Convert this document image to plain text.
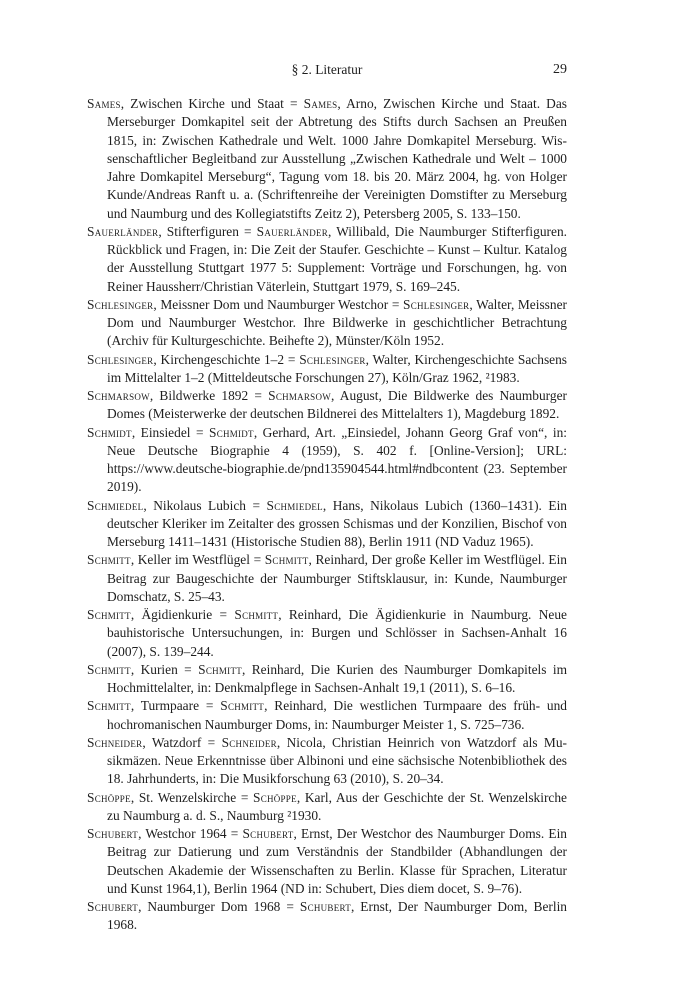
§ 2. Literatur	29

Sames, Zwischen Kirche und Staat = Sames, Arno, Zwischen Kirche und Staat. Das Merseburger Domkapitel seit der Abtretung des Stifts durch Sachsen an Preußen 1815, in: Zwischen Kathedrale und Welt. 1000 Jahre Domkapitel Merseburg. Wissenschaftlicher Begleitband zur Ausstellung „Zwischen Kathedrale und Welt – 1000 Jahre Domkapitel Merseburg“, Tagung vom 18. bis 20. März 2004, hg. von Holger Kunde/Andreas Ranft u. a. (Schriftenreihe der Vereinigten Domstifter zu Merseburg und Naumburg und des Kollegiatstifts Zeitz 2), Petersberg 2005, S. 133–150.

Sauerländer, Stifterfiguren = Sauerländer, Willibald, Die Naumburger Stifterfiguren. Rückblick und Fragen, in: Die Zeit der Staufer. Geschichte – Kunst – Kultur. Katalog der Ausstellung Stuttgart 1977 5: Supplement: Vorträge und Forschungen, hg. von Reiner Haussherr/Christian Väterlein, Stuttgart 1979, S. 169–245.

Schlesinger, Meissner Dom und Naumburger Westchor = Schlesinger, Walter, Meissner Dom und Naumburger Westchor. Ihre Bildwerke in geschichtlicher Betrachtung (Archiv für Kulturgeschichte. Beihefte 2), Münster/Köln 1952.

Schlesinger, Kirchengeschichte 1–2 = Schlesinger, Walter, Kirchengeschichte Sachsens im Mittelalter 1–2 (Mitteldeutsche Forschungen 27), Köln/Graz 1962, ²1983.

Schmarsow, Bildwerke 1892 = Schmarsow, August, Die Bildwerke des Naumburger Domes (Meisterwerke der deutschen Bildnerei des Mittelalters 1), Magdeburg 1892.

Schmidt, Einsiedel = Schmidt, Gerhard, Art. „Einsiedel, Johann Georg Graf von“, in: Neue Deutsche Biographie 4 (1959), S. 402 f. [Online-Version]; URL: https://www.deutsche-biographie.de/pnd135904544.html#ndbcontent (23. September 2019).

Schmiedel, Nikolaus Lubich = Schmiedel, Hans, Nikolaus Lubich (1360–1431). Ein deutscher Kleriker im Zeitalter des grossen Schismas und der Konzilien, Bischof von Merseburg 1411–1431 (Historische Studien 88), Berlin 1911 (ND Vaduz 1965).

Schmitt, Keller im Westflügel = Schmitt, Reinhard, Der große Keller im Westflügel. Ein Beitrag zur Baugeschichte der Naumburger Stiftsklausur, in: Kunde, Naumburger Domschatz, S. 25–43.

Schmitt, Ägidienkurie = Schmitt, Reinhard, Die Ägidienkurie in Naumburg. Neue bauhistorische Untersuchungen, in: Burgen und Schlösser in Sachsen-Anhalt 16 (2007), S. 139–244.

Schmitt, Kurien = Schmitt, Reinhard, Die Kurien des Naumburger Domkapitels im Hochmittelalter, in: Denkmalpflege in Sachsen-Anhalt 19,1 (2011), S. 6–16.

Schmitt, Turmpaare = Schmitt, Reinhard, Die westlichen Turmpaare des früh- und hochromanischen Naumburger Doms, in: Naumburger Meister 1, S. 725–736.

Schneider, Watzdorf = Schneider, Nicola, Christian Heinrich von Watzdorf als Musikmäzen. Neue Erkenntnisse über Albinoni und eine sächsische Notenbibliothek des 18. Jahrhunderts, in: Die Musikforschung 63 (2010), S. 20–34.

Schöppe, St. Wenzelskirche = Schöppe, Karl, Aus der Geschichte der St. Wenzelskirche zu Naumburg a. d. S., Naumburg ²1930.

Schubert, Westchor 1964 = Schubert, Ernst, Der Westchor des Naumburger Doms. Ein Beitrag zur Datierung und zum Verständnis der Standbilder (Abhandlungen der Deutschen Akademie der Wissenschaften zu Berlin. Klasse für Sprachen, Literatur und Kunst 1964,1), Berlin 1964 (ND in: Schubert, Dies diem docet, S. 9–76).

Schubert, Naumburger Dom 1968 = Schubert, Ernst, Der Naumburger Dom, Berlin 1968.
